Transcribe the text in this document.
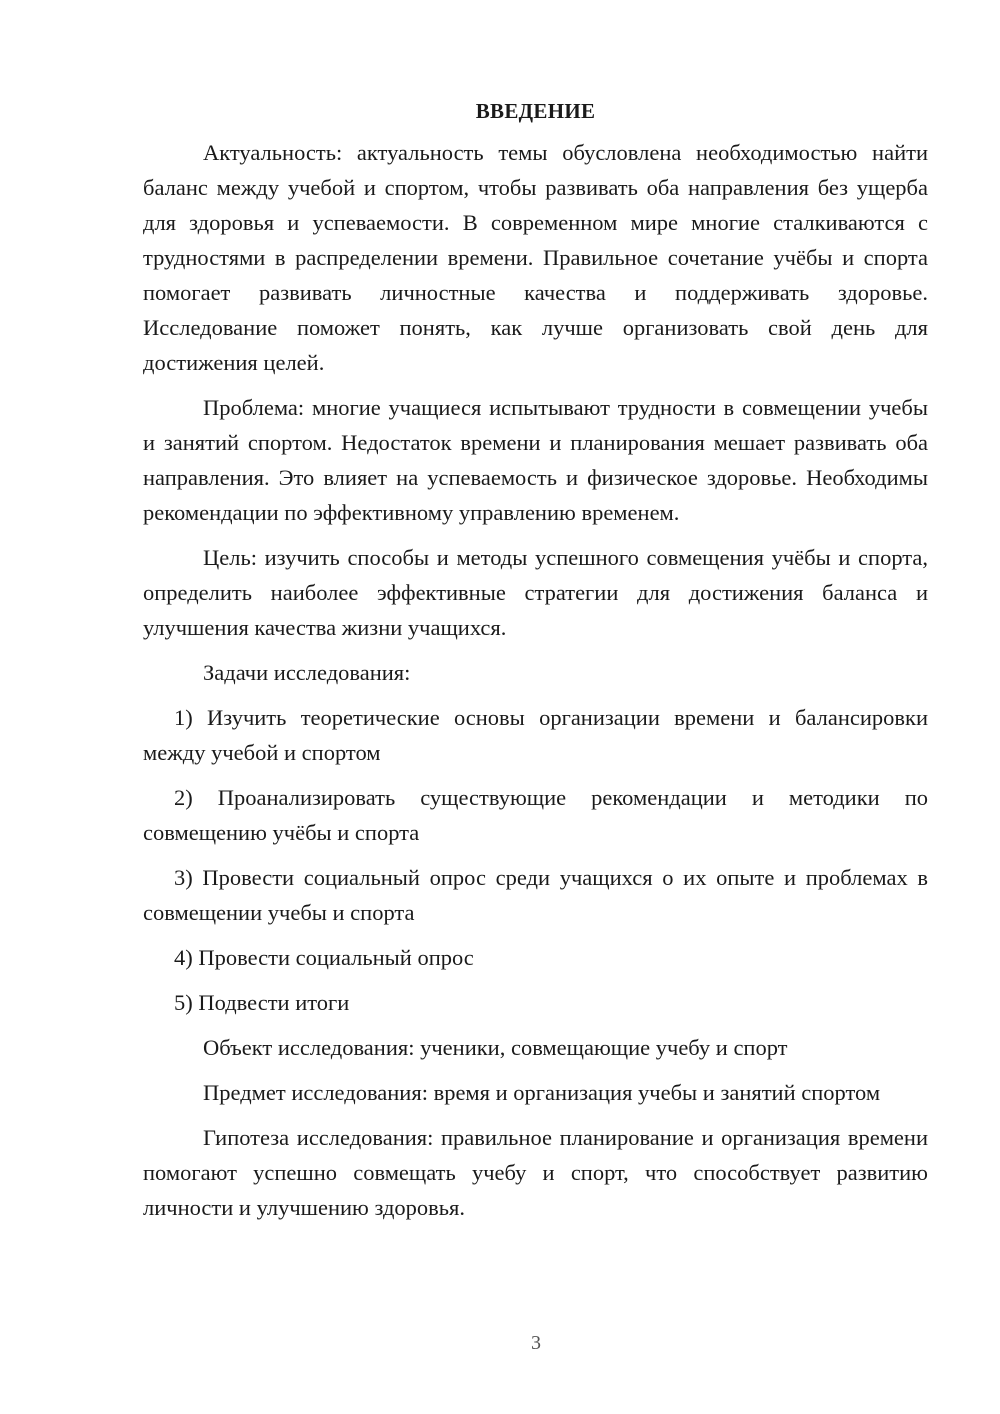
ВВЕДЕНИЕ

Актуальность: актуальность темы обусловлена необходимостью найти баланс между учебой и спортом, чтобы развивать оба направления без ущерба для здоровья и успеваемости. В современном мире многие сталкиваются с трудностями в распределении времени. Правильное сочетание учёбы и спорта помогает развивать личностные качества и поддерживать здоровье. Исследование поможет понять, как лучше организовать свой день для достижения целей.

Проблема: многие учащиеся испытывают трудности в совмещении учебы и занятий спортом. Недостаток времени и планирования мешает развивать оба направления. Это влияет на успеваемость и физическое здоровье. Необходимы рекомендации по эффективному управлению временем.

Цель: изучить способы и методы успешного совмещения учёбы и спорта, определить наиболее эффективные стратегии для достижения баланса и улучшения качества жизни учащихся.

Задачи исследования:

1) Изучить теоретические основы организации времени и балансировки между учебой и спортом

2) Проанализировать существующие рекомендации и методики по совмещению учёбы и спорта

3) Провести социальный опрос среди учащихся о их опыте и проблемах в совмещении учебы и спорта

4) Провести социальный опрос

5) Подвести итоги

Объект исследования: ученики, совмещающие учебу и спорт

Предмет исследования: время и организация учебы и занятий спортом

Гипотеза исследования: правильное планирование и организация времени помогают успешно совмещать учебу и спорт, что способствует развитию личности и улучшению здоровья.

3
